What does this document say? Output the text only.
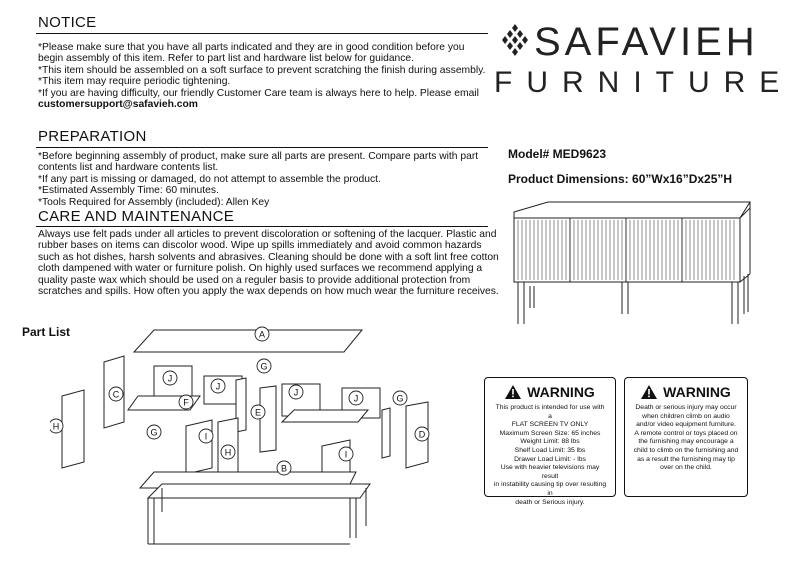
NOTICE

*Please make sure that you have all parts indicated and they are in good condition before you begin assembly of this item. Refer to part list and hardware list below for guidance.

*This item should be assembled on a soft surface to prevent scratching the finish during assembly.

*This item may require periodic tightening.

*If you are having difficulty, our friendly Customer Care team is always here to help. Please email

customersupport@safavieh.com

PREPARATION

*Before beginning assembly of product, make sure all parts are present. Compare parts with part contents list and hardware contents list.

*If any part is missing or damaged, do not attempt to assemble the product.

*Estimated Assembly Time: 60 minutes.

*Tools Required for Assembly (included): Allen Key

CARE AND MAINTENANCE
Always use felt pads under all articles to prevent discoloration or softening of the lacquer. Plastic and rubber bases on items can discolor wood. Wipe up spills immediately and avoid common hazards such as hot dishes, harsh solvents and abrasives. Cleaning should be done with a soft lint free cotton cloth dampened with water or furniture polish. On highly used surfaces we recommend applying a quality paste wax which should be used on a reguler basis to provide additional protection from scratches and spills. How often you apply the wax depends on how much wear the furniture receives.
SAFAVIEH
FURNITURE
Model# MED9623
Product Dimensions: 60”Wx16”Dx25”H
Part List	A
B
C
D
E
F
G
G
G
H
H
I
I
J
J
J
J	WARNING
This product is intended for use with a
FLAT SCREEN TV ONLY
Maximum Screen Size: 65 inches
Weight Limit: 88 lbs
Shelf Load Limit: 35 lbs
Drawer Load Limit: - lbs
Use with heavier televisions may result
in instability causing tip over resulting in
death or Serious injury.
WARNING
Death or serious injury may occur
when children climb on audio
and/or video equipment furniture.
A remote control or toys placed on
the furnishing may encourage a
child to climb on the furnishing and
as a result the furnishing may tip
over on the child.
